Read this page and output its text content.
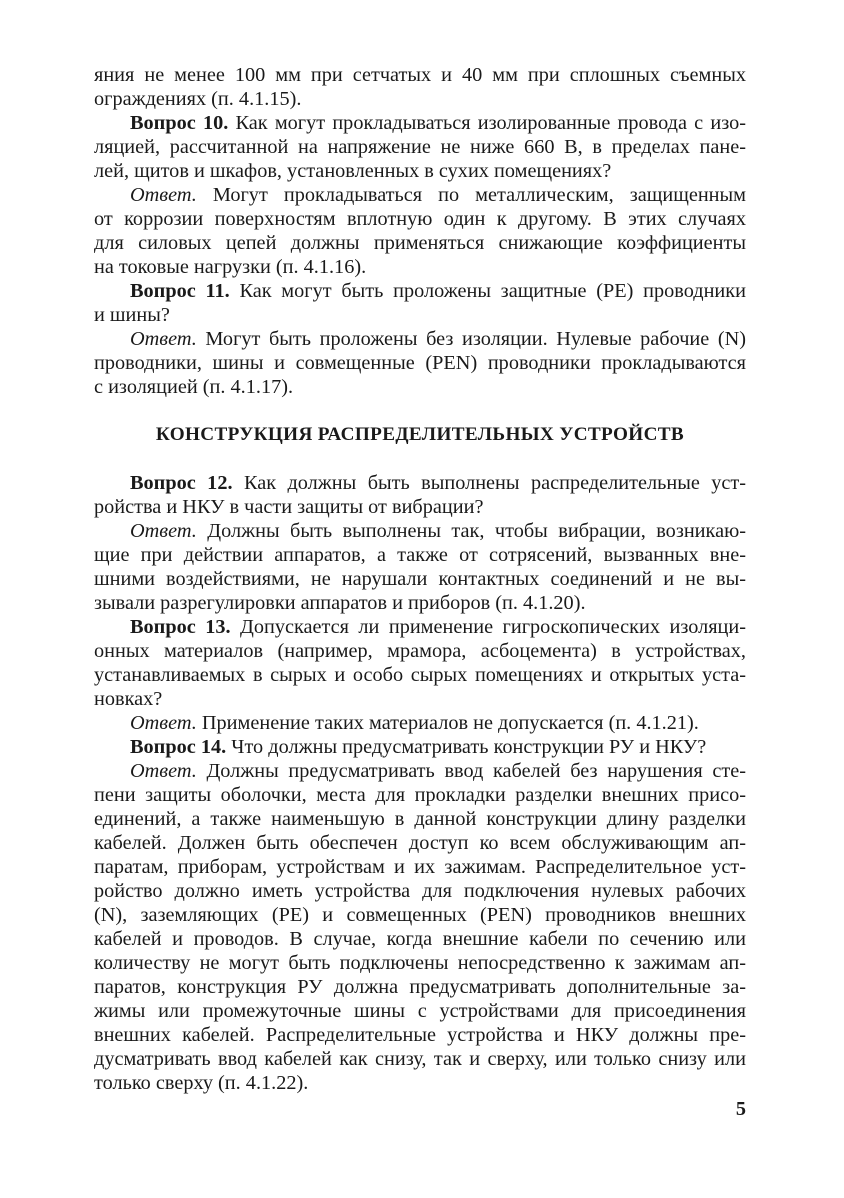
яния не менее 100 мм при сетчатых и 40 мм при сплошных съемных
ограждениях (п. 4.1.15).
Вопрос 10. Как могут прокладываться изолированные провода с изо-
ляцией, рассчитанной на напряжение не ниже 660 В, в пределах пане-
лей, щитов и шкафов, установленных в сухих помещениях?
Ответ. Могут прокладываться по металлическим, защищенным
от коррозии поверхностям вплотную один к другому. В этих случаях
для силовых цепей должны применяться снижающие коэффициенты
на токовые нагрузки (п. 4.1.16).
Вопрос 11. Как могут быть проложены защитные (PE) проводники
и шины?
Ответ. Могут быть проложены без изоляции. Нулевые рабочие (N)
проводники, шины и совмещенные (PEN) проводники прокладываются
с изоляцией (п. 4.1.17).
КОНСТРУКЦИЯ РАСПРЕДЕЛИТЕЛЬНЫХ УСТРОЙСТВ
Вопрос 12. Как должны быть выполнены распределительные уст-
ройства и НКУ в части защиты от вибрации?
Ответ. Должны быть выполнены так, чтобы вибрации, возникаю-
щие при действии аппаратов, а также от сотрясений, вызванных вне-
шними воздействиями, не нарушали контактных соединений и не вы-
зывали разрегулировки аппаратов и приборов (п. 4.1.20).
Вопрос 13. Допускается ли применение гигроскопических изоляци-
онных материалов (например, мрамора, асбоцемента) в устройствах,
устанавливаемых в сырых и особо сырых помещениях и открытых уста-
новках?
Ответ. Применение таких материалов не допускается (п. 4.1.21).
Вопрос 14. Что должны предусматривать конструкции РУ и НКУ?
Ответ. Должны предусматривать ввод кабелей без нарушения сте-
пени защиты оболочки, места для прокладки разделки внешних присо-
единений, а также наименьшую в данной конструкции длину разделки
кабелей. Должен быть обеспечен доступ ко всем обслуживающим ап-
паратам, приборам, устройствам и их зажимам. Распределительное уст-
ройство должно иметь устройства для подключения нулевых рабочих
(N), заземляющих (PE) и совмещенных (PEN) проводников внешних
кабелей и проводов. В случае, когда внешние кабели по сечению или
количеству не могут быть подключены непосредственно к зажимам ап-
паратов, конструкция РУ должна предусматривать дополнительные за-
жимы или промежуточные шины с устройствами для присоединения
внешних кабелей. Распределительные устройства и НКУ должны пре-
дусматривать ввод кабелей как снизу, так и сверху, или только снизу или
только сверху (п. 4.1.22).
5
